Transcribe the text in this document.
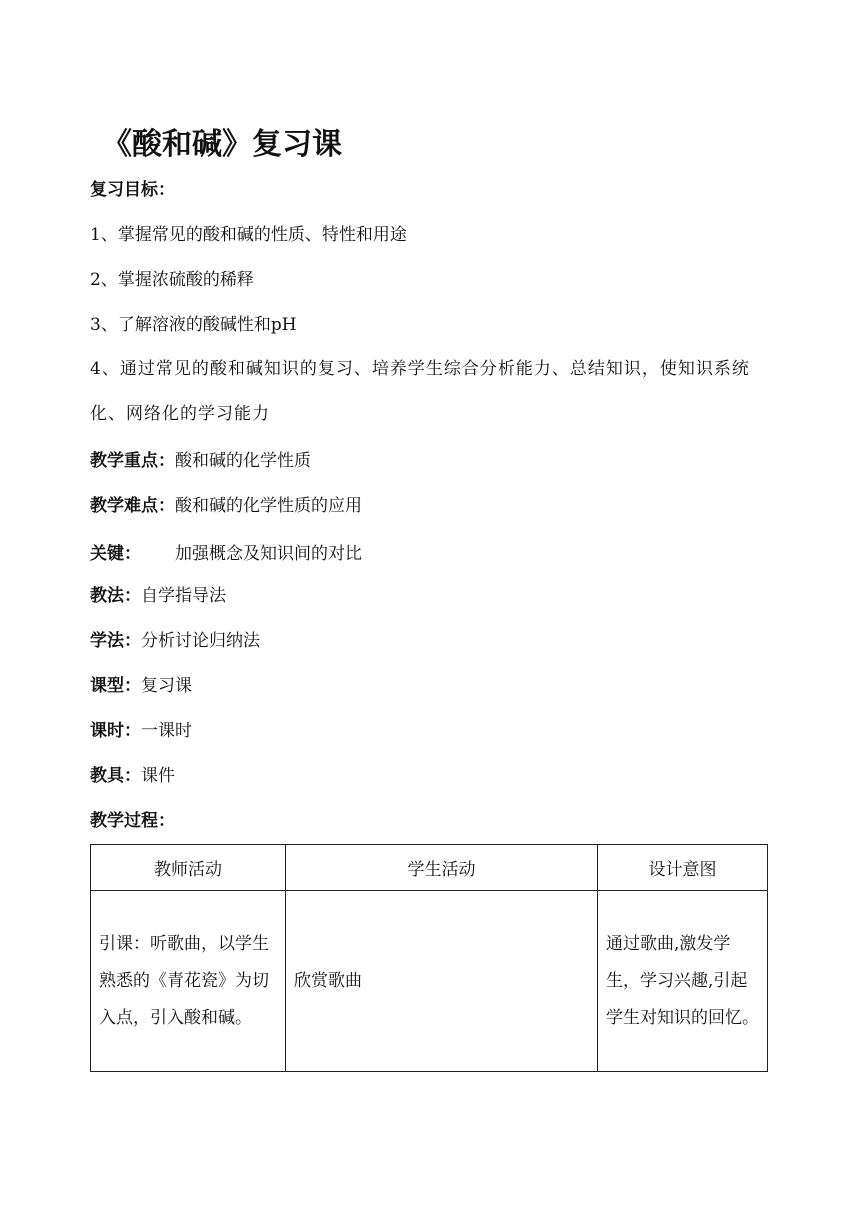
《酸和碱》复习课
复习目标：
1、掌握常见的酸和碱的性质、特性和用途
2、掌握浓硫酸的稀释
3、了解溶液的酸碱性和pH
4、通过常见的酸和碱知识的复习、培养学生综合分析能力、总结知识，使知识系统化、网络化的学习能力
教学重点：酸和碱的化学性质
教学难点：酸和碱的化学性质的应用
关键： 加强概念及知识间的对比
教法：自学指导法
学法：分析讨论归纳法
课型：复习课
课时：一课时
教具：课件
教学过程：
教师活动	学生活动	设计意图
引课：听歌曲，以学生熟悉的《青花瓷》为切入点，引入酸和碱。	欣赏歌曲	通过歌曲,激发学生，学习兴趣,引起学生对知识的回忆。
